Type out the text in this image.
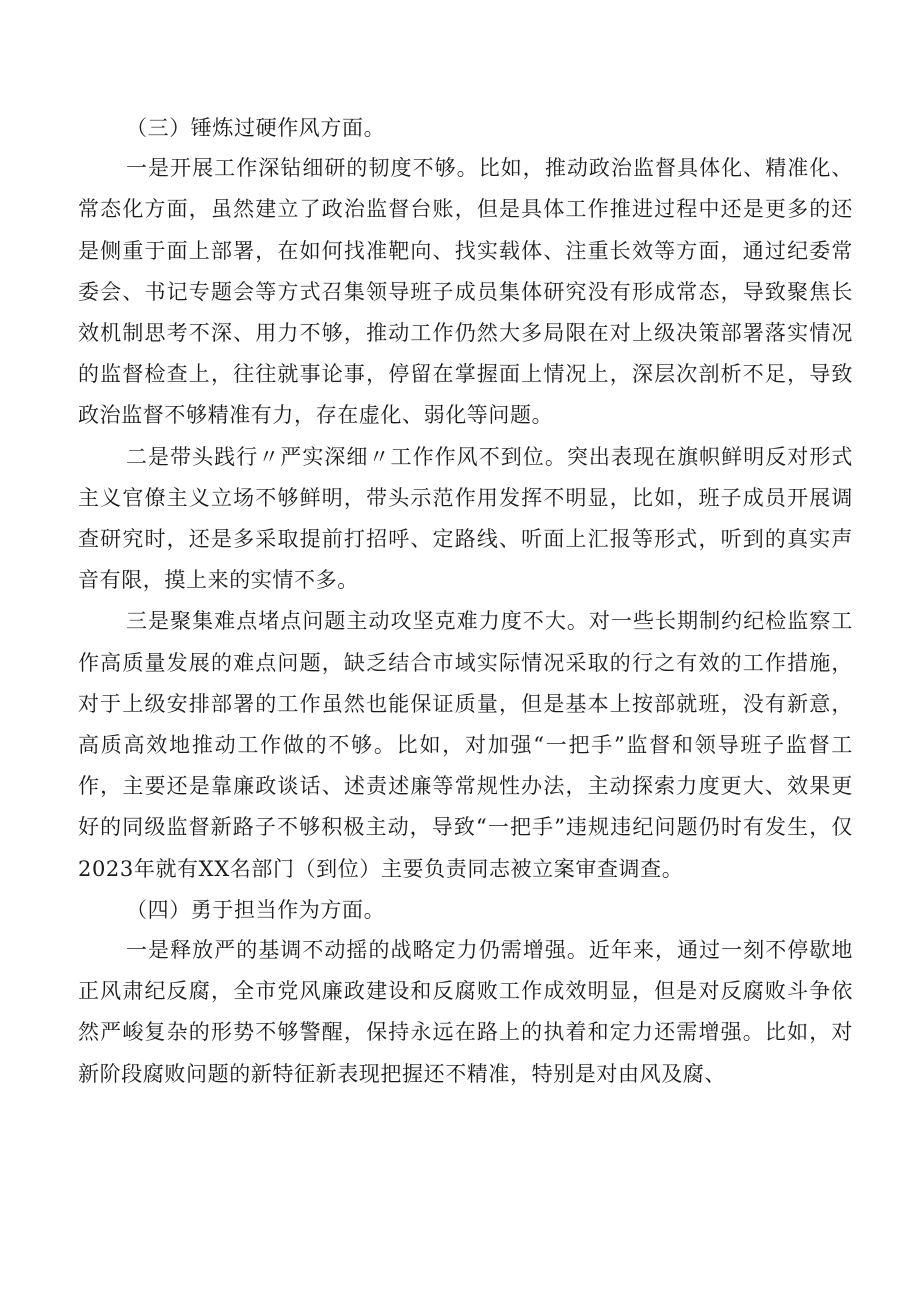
（三）锤炼过硬作风方面。

一是开展工作深钻细研的韧度不够。比如，推动政治监督具体化、精准化、常态化方面，虽然建立了政治监督台账，但是具体工作推进过程中还是更多的还是侧重于面上部署，在如何找准靶向、找实载体、注重长效等方面，通过纪委常委会、书记专题会等方式召集领导班子成员集体研究没有形成常态，导致聚焦长效机制思考不深、用力不够，推动工作仍然大多局限在对上级决策部署落实情况的监督检查上，往往就事论事，停留在掌握面上情况上，深层次剖析不足，导致政治监督不够精准有力，存在虚化、弱化等问题。

二是带头践行〃严实深细〃工作作风不到位。突出表现在旗帜鲜明反对形式主义官僚主义立场不够鲜明，带头示范作用发挥不明显，比如，班子成员开展调查研究时，还是多采取提前打招呼、定路线、听面上汇报等形式，听到的真实声音有限，摸上来的实情不多。

三是聚集难点堵点问题主动攻坚克难力度不大。对一些长期制约纪检监察工作高质量发展的难点问题，缺乏结合市域实际情况采取的行之有效的工作措施，对于上级安排部署的工作虽然也能保证质量，但是基本上按部就班，没有新意，高质高效地推动工作做的不够。比如，对加强“一把手”监督和领导班子监督工作，主要还是靠廉政谈话、述责述廉等常规性办法，主动探索力度更大、效果更好的同级监督新路子不够积极主动，导致“一把手”违规违纪问题仍时有发生，仅2023年就有XX名部门（到位）主要负责同志被立案审查调查。

（四）勇于担当作为方面。

一是释放严的基调不动摇的战略定力仍需增强。近年来，通过一刻不停歇地正风肃纪反腐，全市党风廉政建设和反腐败工作成效明显，但是对反腐败斗争依然严峻复杂的形势不够警醒，保持永远在路上的执着和定力还需增强。比如，对新阶段腐败问题的新特征新表现把握还不精准，特别是对由风及腐、
